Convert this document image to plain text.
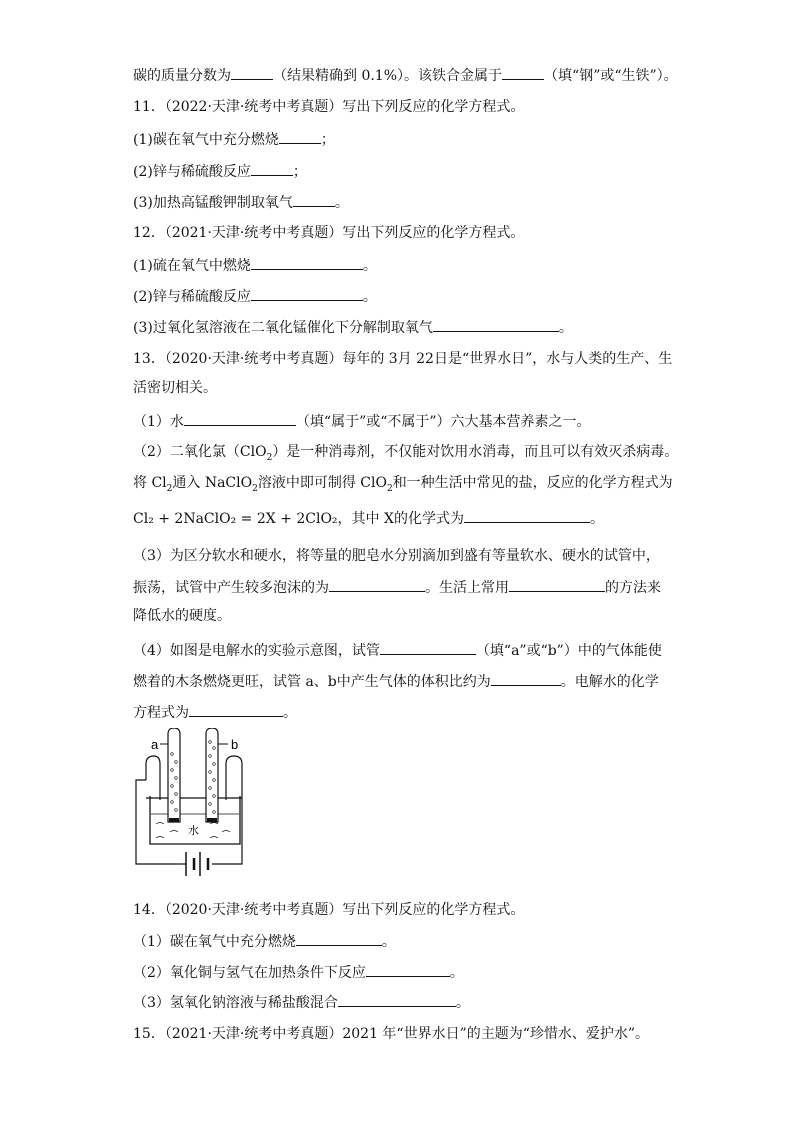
碳的质量分数为	（结果精确到 0.1%）。该铁合金属于	（填“钢”或“生铁”）。
11．（2022·天津·统考中考真题）写出下列反应的化学方程式。
(1)碳在氧气中充分燃烧	；
(2)锌与稀硫酸反应	；
(3)加热高锰酸钾制取氧气	。
12．（2021·天津·统考中考真题）写出下列反应的化学方程式。
(1)硫在氧气中燃烧	。
(2)锌与稀硫酸反应	。
(3)过氧化氢溶液在二氧化锰催化下分解制取氧气	。
13．（2020·天津·统考中考真题）每年的 3月 22日是“世界水日”，水与人类的生产、生
活密切相关。
（1）水	（填“属于”或“不属于”）六大基本营养素之一。
（2）二氧化氯（ClO$_2$）是一种消毒剂，不仅能对饮用水消毒，而且可以有效灭杀病毒。
将 $Cl_2$通入 NaClO$_2$溶液中即可制得 ClO$_2$和一种生活中常见的盐，反应的化学方程式为
Cl₂ + 2NaClO₂ = 2X + 2ClO₂，其中 X的化学式为	。
（3）为区分软水和硬水，将等量的肥皂水分别滴加到盛有等量软水、硬水的试管中，
振荡，试管中产生较多泡沫的为	。生活上常用	的方法来
降低水的硬度。
（4）如图是电解水的实验示意图，试管	（填“a”或“b”）中的气体能使
燃着的木条燃烧更旺，试管 a、b中产生气体的体积比约为	。电解水的化学
方程式为	。
a	b
水
14．（2020·天津·统考中考真题）写出下列反应的化学方程式。
（1）碳在氧气中充分燃烧	。
（2）氧化铜与氢气在加热条件下反应	。
（3）氢氧化钠溶液与稀盐酸混合	。
15．（2021·天津·统考中考真题）2021 年“世界水日”的主题为“珍惜水、爱护水”。
